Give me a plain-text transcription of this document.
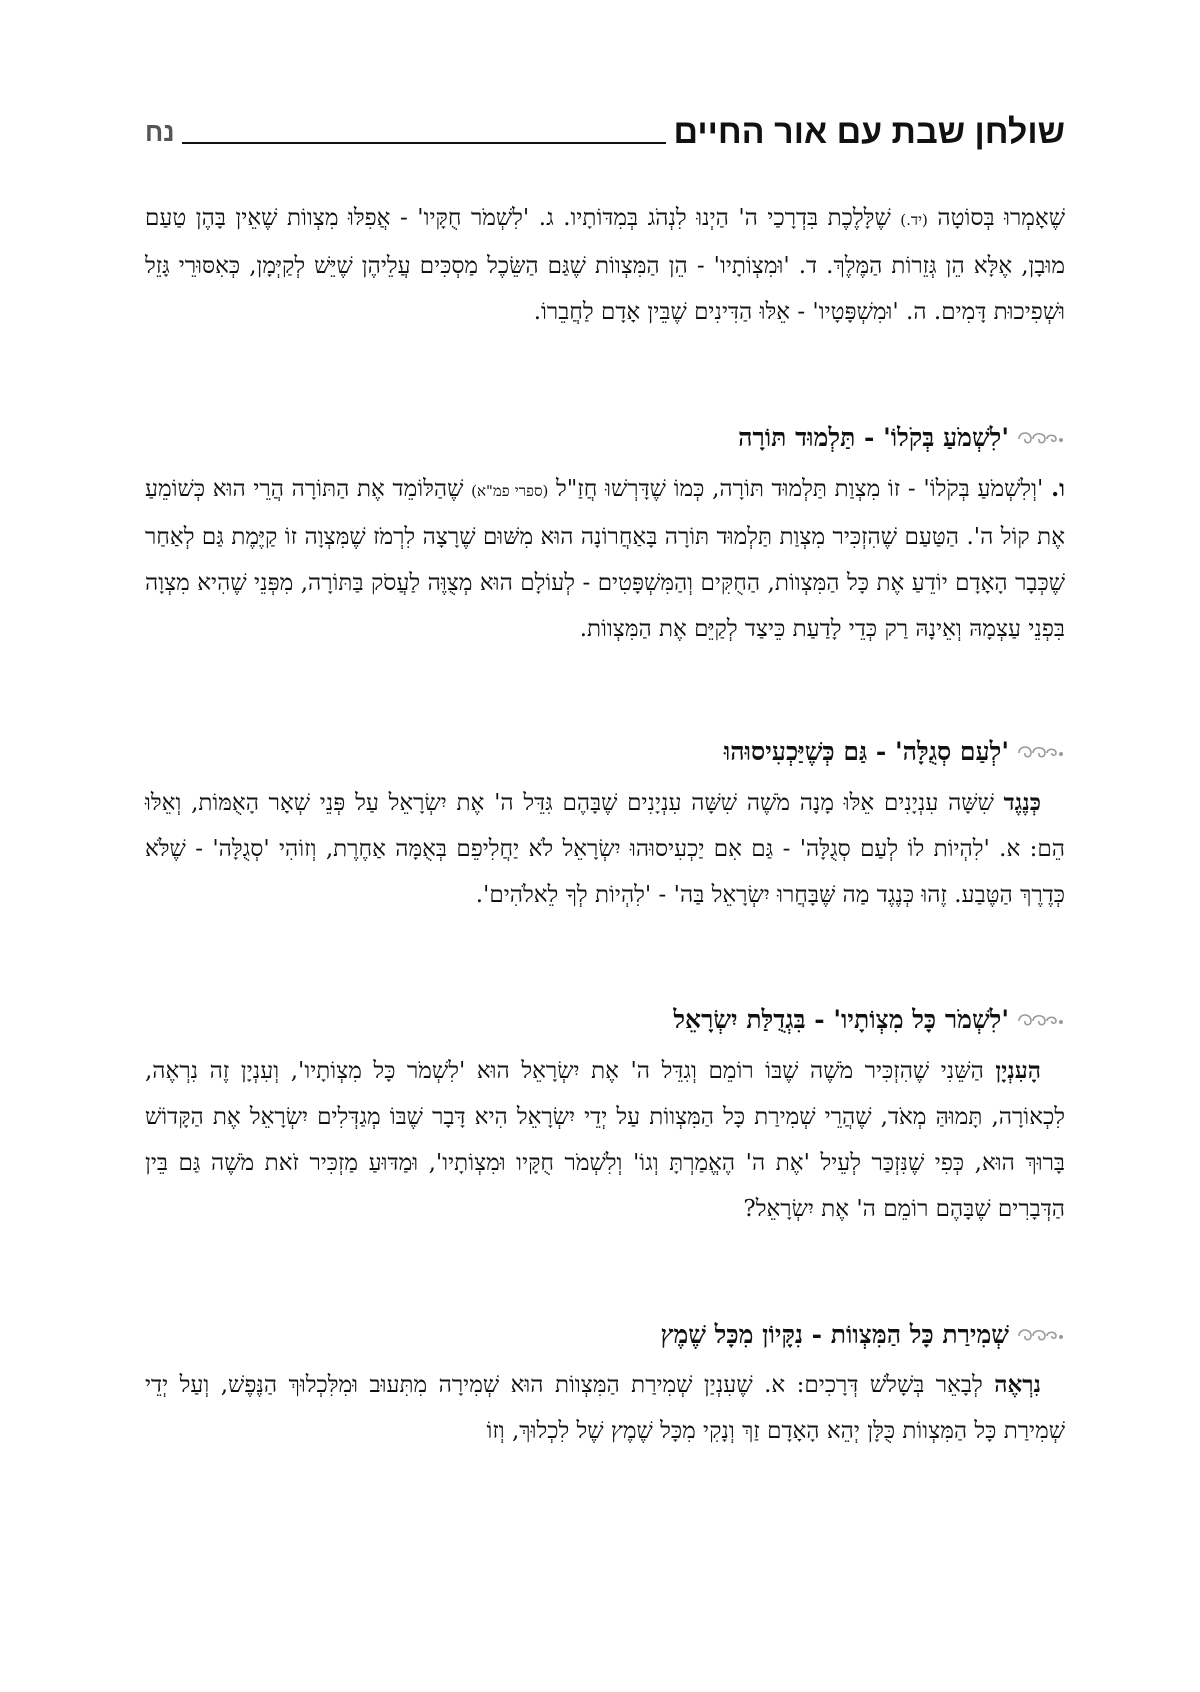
שולחן שבת עם אור החיים
נח

שֶׁאָמְרוּ בְּסוֹטָה (יד.) שֶׁלָּלֶכֶת בִּדְרָכַי ה' הַיְנוּ לִנְהֹג בְּמִדּוֹתָיו. ג. 'לִשְׁמֹר חֻקָּיו' - אֲפִלּוּ מִצְווֹת שֶׁאֵין בָּהֶן טַעַם מוּבָן, אֶלָּא הֵן גְּזֵרוֹת הַמֶּלֶךְ. ד. 'וּמִצְוֹתָיו' - הֵן הַמִּצְווֹת שֶׁגַּם הַשֵּׂכֶל מַסְכִּים עֲלֵיהֶן שֶׁיֵּשׁ לְקַיְּמָן, כְּאִסּוּרֵי גָּזֵל וּשְׁפִיכוּת דָּמִים. ה. 'וּמִשְׁפָּטָיו' - אֵלּוּ הַדִּינִים שֶׁבֵּין אָדָם לַחֲבֵרוֹ.

'לִשְׁמֹעַ בְּקֹלוֹ' - תַּלְמוּד תּוֹרָה

ו. 'וְלִשְׁמֹעַ בְּקֹלוֹ' - זוֹ מִצְוַת תַּלְמוּד תּוֹרָה, כְּמוֹ שֶׁדָּרְשׁוּ חֲזַ"ל (ספרי פמ"א) שֶׁהַלּוֹמֵד אֶת הַתּוֹרָה הֲרֵי הוּא כְּשׁוֹמֵעַ אֶת קוֹל ה'. הַטַּעַם שֶׁהִזְכִּיר מִצְוַת תַּלְמוּד תּוֹרָה בָּאַחֲרוֹנָה הוּא מִשּׁוּם שֶׁרָצָה לִרְמֹז שֶׁמִּצְוָה זוֹ קַיֶּמֶת גַּם לְאַחַר שֶׁכְּבָר הָאָדָם יוֹדֵעַ אֶת כָּל הַמִּצְווֹת, הַחֻקִּים וְהַמִּשְׁפָּטִים - לְעוֹלָם הוּא מְצֻוֶּה לַעֲסֹק בַּתּוֹרָה, מִפְּנֵי שֶׁהִיא מִצְוָה בִּפְנֵי עַצְמָהּ וְאֵינָהּ רַק כְּדֵי לָדַעַת כֵּיצַד לְקַיֵּם אֶת הַמִּצְווֹת.

'לְעַם סְגֻלָּה' - גַּם כְּשֶׁיַּכְעִיסוּהוּ

כְּנֶגֶד שִׁשָּׁה עִנְיָנִים אֵלּוּ מָנָה מֹשֶׁה שִׁשָּׁה עִנְיָנִים שֶׁבָּהֶם גִּדֵּל ה' אֶת יִשְׂרָאֵל עַל פְּנֵי שְׁאָר הָאֻמּוֹת, וְאֵלּוּ הֵם: א. 'לִהְיוֹת לוֹ לְעַם סְגֻלָּה' - גַּם אִם יַכְעִיסוּהוּ יִשְׂרָאֵל לֹא יַחֲלִיפֵם בְּאֻמָּה אַחֶרֶת, וְזוֹהִי 'סְגֻלָּה' - שֶׁלֹּא כְּדֶרֶךְ הַטֶּבַע. זֶהוּ כְּנֶגֶד מַה שֶּׁבָּחֲרוּ יִשְׂרָאֵל בַּה' - 'לִהְיוֹת לְךָ לֵאלֹהִים'.

'לִשְׁמֹר כָּל מִצְוֹתָיו' - בִּגְדֻלַּת יִשְׂרָאֵל

הָעִנְיָן הַשֵּׁנִי שֶׁהִזְכִּיר מֹשֶׁה שֶׁבּוֹ רוֹמֵם וְגִדֵּל ה' אֶת יִשְׂרָאֵל הוּא 'לִשְׁמֹר כָּל מִצְוֹתָיו', וְעִנְיָן זֶה נִרְאֶה, לִכְאוֹרָה, תָּמוּהַּ מְאֹד, שֶׁהֲרֵי שְׁמִירַת כָּל הַמִּצְווֹת עַל יְדֵי יִשְׂרָאֵל הִיא דָּבָר שֶׁבּוֹ מְגַדְּלִים יִשְׂרָאֵל אֶת הַקָּדוֹשׁ בָּרוּךְ הוּא, כְּפִי שֶׁנִּזְכַּר לְעֵיל 'אֶת ה' הֶאֱמַרְתָּ וְגוֹ' וְלִשְׁמֹר חֻקָּיו וּמִצְוֹתָיו', וּמַדּוּעַ מַזְכִּיר זֹאת מֹשֶׁה גַּם בֵּין הַדְּבָרִים שֶׁבָּהֶם רוֹמֵם ה' אֶת יִשְׂרָאֵל?

שְׁמִירַת כָּל הַמִּצְווֹת - נִקָּיוֹן מִכָּל שֶׁמֶץ

נִרְאֶה לְבָאֵר בְּשָׁלֹשׁ דְּרָכִים: א. שֶׁעִנְיַן שְׁמִירַת הַמִּצְווֹת הוּא שְׁמִירָה מִתִּעוּב וּמִלִּכְלוּךְ הַנֶּפֶשׁ, וְעַל יְדֵי שְׁמִירַת כָּל הַמִּצְווֹת כֻּלָּן יְהֵא הָאָדָם זַךְ וְנָקִי מִכָּל שֶׁמֶץ שֶׁל לִכְלוּךְ, וְזוֹ
